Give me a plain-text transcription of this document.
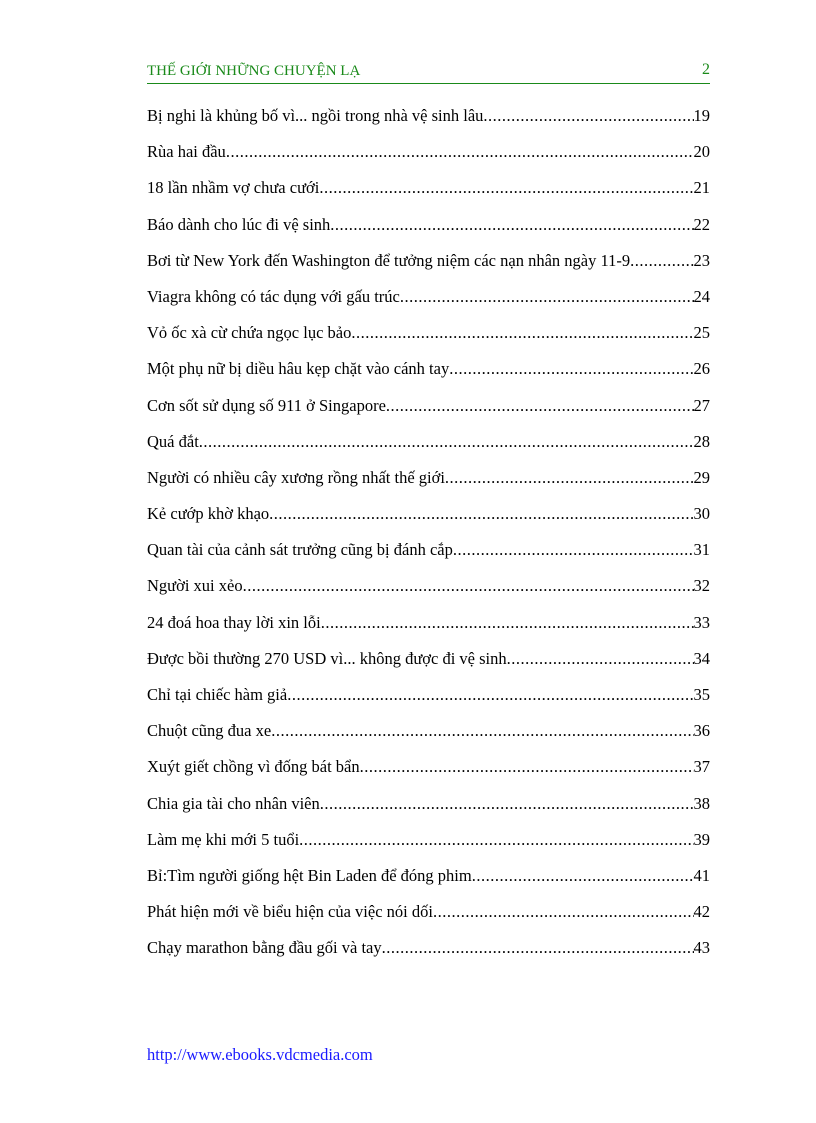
THẾ GIỚI NHỮNG CHUYỆN LẠ	2
Bị nghi là khủng bố vì... ngồi trong nhà vệ sinh lâu .....	19
Rùa hai đầu .....	20
18 lần nhầm vợ chưa cưới .....	21
Báo dành cho lúc đi vệ sinh .....	22
Bơi từ New York đến Washington để tưởng niệm các nạn nhân ngày 11-9 .....	23
Viagra không có tác dụng với gấu trúc .....	24
Vỏ ốc xà cừ chứa ngọc lục bảo .....	25
Một phụ nữ bị diều hâu kẹp chặt vào cánh tay .....	26
Cơn sốt sử dụng số 911 ở Singapore .....	27
Quá đắt .....	28
Người có nhiều cây xương rồng nhất thế giới .....	29
Kẻ cướp khờ khạo .....	30
Quan tài của cảnh sát trưởng cũng bị đánh cắp .....	31
Người xui xẻo .....	32
24 đoá hoa thay lời xin lỗi .....	33
Được bồi thường 270 USD vì... không được đi vệ sinh .....	34
Chỉ tại chiếc hàm giả .....	35
Chuột cũng đua xe .....	36
Xuýt giết chồng vì đống bát bẩn .....	37
Chia gia tài cho nhân viên .....	38
Làm mẹ khi mới 5 tuổi .....	39
Bỉ:Tìm người giống hệt Bin Laden để đóng phim .....	41
Phát hiện mới về biểu hiện của việc nói dối .....	42
Chạy marathon bằng đầu gối và tay .....	43
http://www.ebooks.vdcmedia.com
